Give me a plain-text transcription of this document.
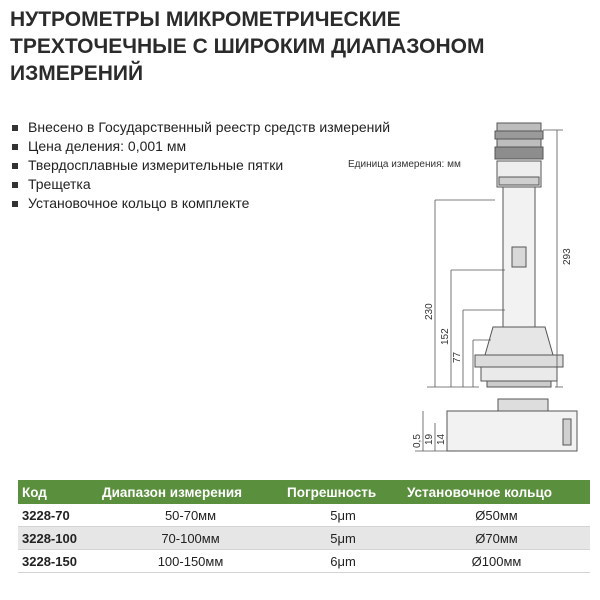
НУТРОМЕТРЫ МИКРОМЕТРИЧЕСКИЕ
ТРЕХТОЧЕЧНЫЕ С ШИРОКИМ ДИАПАЗОНОМ
ИЗМЕРЕНИЙ
Внесено в Государственный реестр средств измерений
Цена деления: 0,001 мм
Твердосплавные измерительные пятки
Трещетка
Установочное кольцо в комплекте
Единица измерения: мм
230
152
77
293
0,5 19 14
Код	Диапазон измерения	Погрешность	Установочное кольцо
3228-70	50-70мм	5μm	Ø50мм
3228-100	70-100мм	5μm	Ø70мм
3228-150	100-150мм	6μm	Ø100мм
